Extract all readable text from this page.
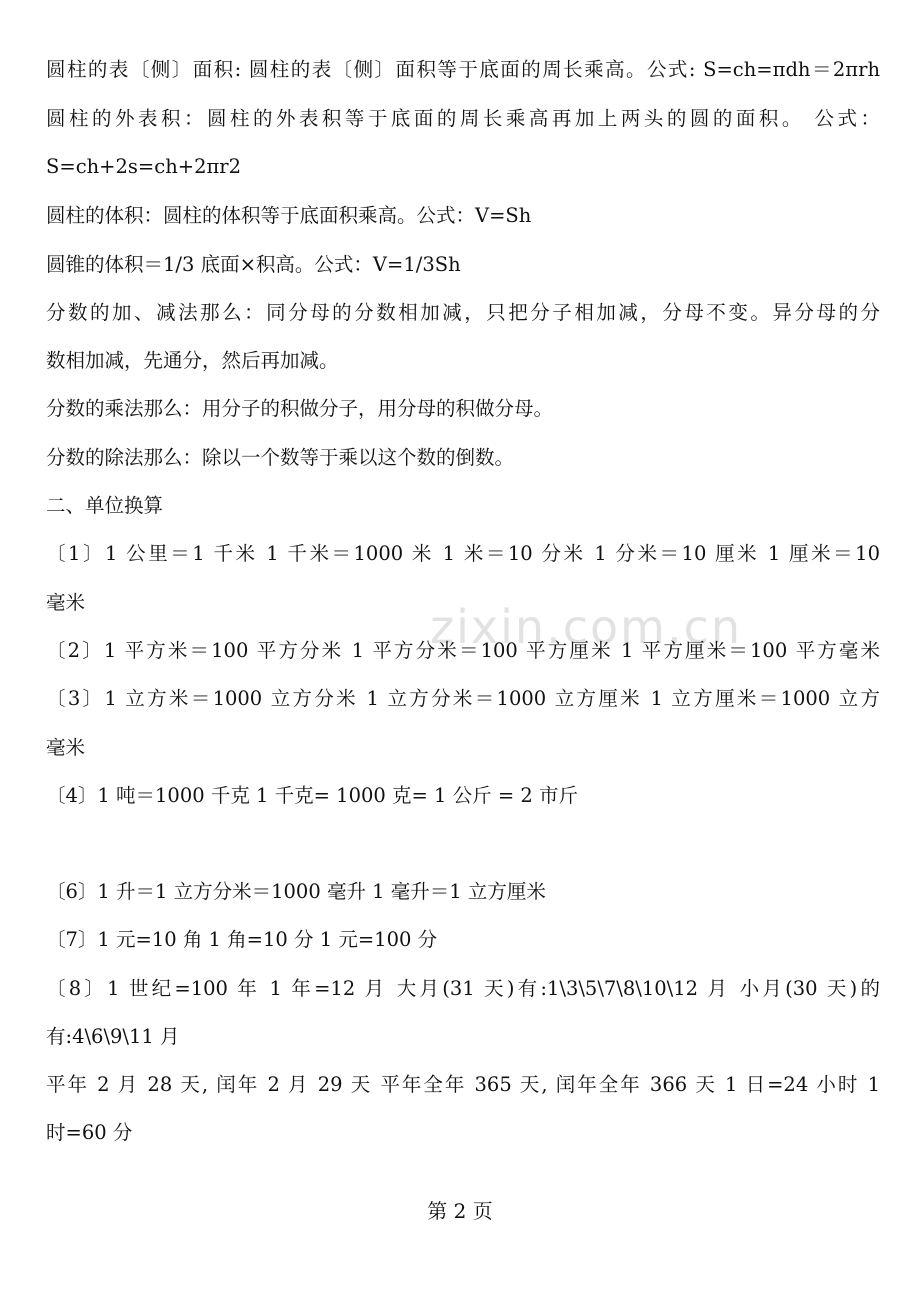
zixin.com.cn
圆柱的表〔侧〕面积: 圆柱的表〔侧〕面积等于底面的周长乘高。公式: S=ch=πdh＝2πrh
圆柱的外表积：圆柱的外表积等于底面的周长乘高再加上两头的圆的面积。 公式：
S=ch+2s=ch+2πr2
圆柱的体积：圆柱的体积等于底面积乘高。公式：V=Sh
圆锥的体积＝1/3 底面×积高。公式：V=1/3Sh
分数的加、减法那么：同分母的分数相加减，只把分子相加减，分母不变。异分母的分
数相加减，先通分，然后再加减。
分数的乘法那么：用分子的积做分子，用分母的积做分母。
分数的除法那么：除以一个数等于乘以这个数的倒数。
二、单位换算
〔1〕1 公里＝1 千米 1 千米＝1000 米 1 米＝10 分米 1 分米＝10 厘米 1 厘米＝10
毫米
〔2〕1 平方米＝100 平方分米 1 平方分米＝100 平方厘米 1 平方厘米＝100 平方毫米
〔3〕1 立方米＝1000 立方分米 1 立方分米＝1000 立方厘米 1 立方厘米＝1000 立方
毫米
〔4〕1 吨＝1000 千克 1 千克= 1000 克= 1 公斤 = 2 市斤
〔6〕1 升＝1 立方分米＝1000 毫升 1 毫升＝1 立方厘米
〔7〕1 元=10 角 1 角=10 分 1 元=100 分
〔8〕1 世纪=100 年 1 年=12 月 大月(31 天)有:1\3\5\7\8\10\12 月 小月(30 天)的
有:4\6\9\11 月
平年 2 月 28 天, 闰年 2 月 29 天 平年全年 365 天, 闰年全年 366 天 1 日=24 小时 1
时=60 分
第 2 页
